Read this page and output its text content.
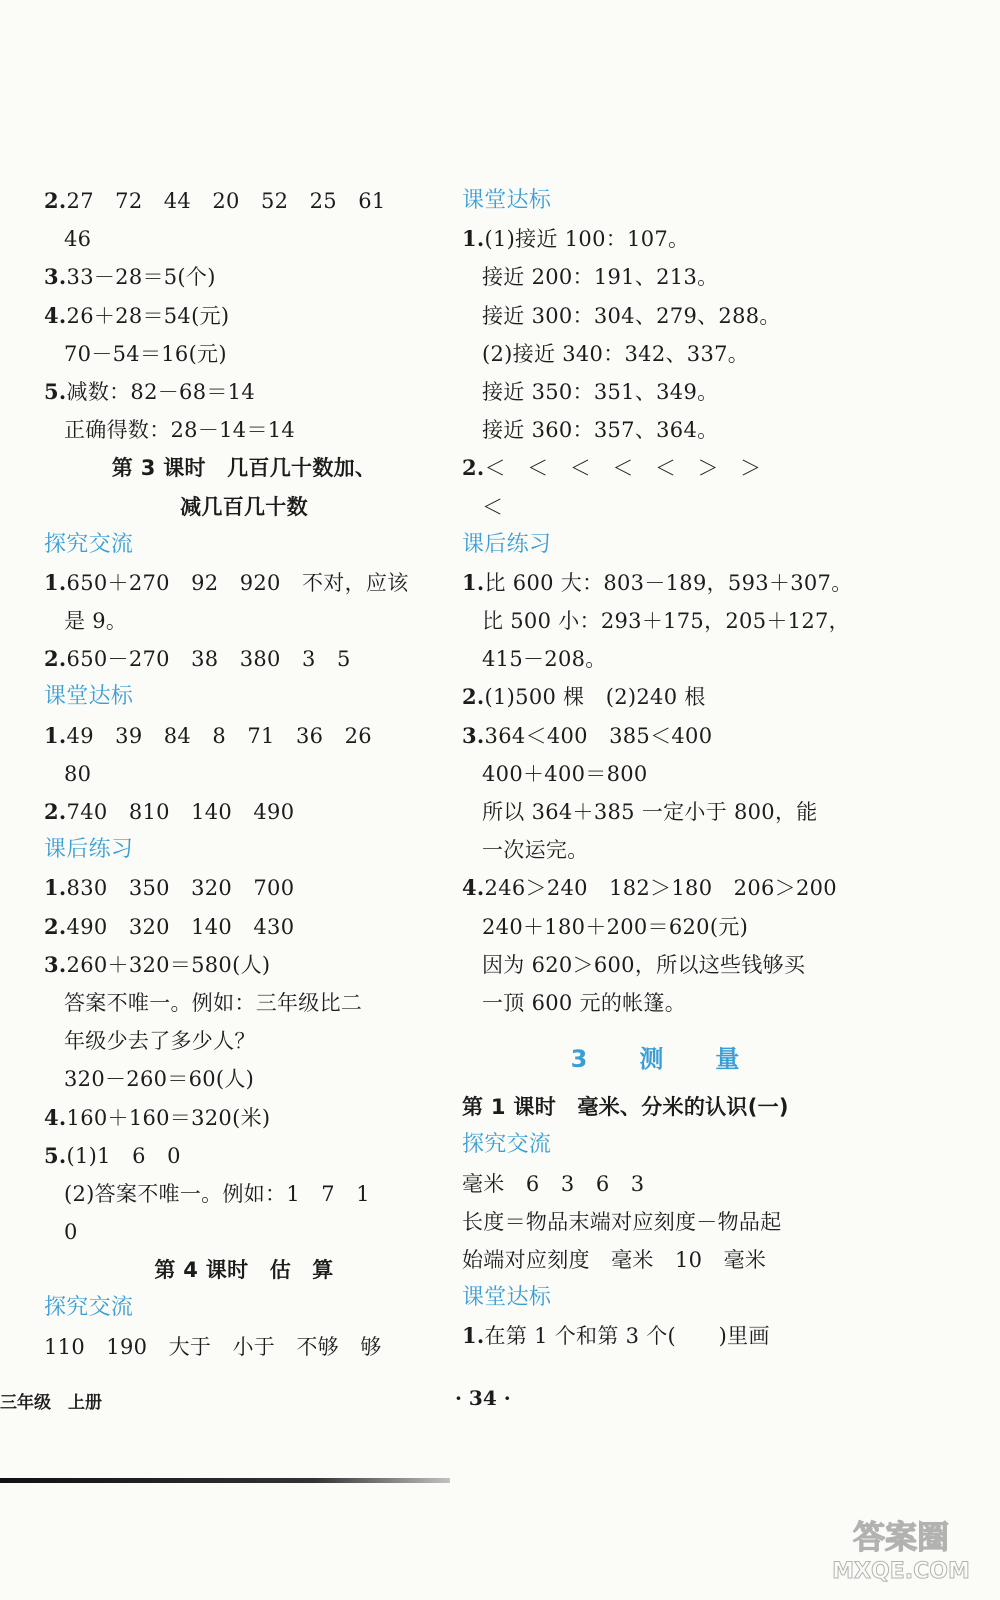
2.27　72　44　20　52　25　61
46
3.33－28＝5(个)
4.26＋28＝54(元)
70－54＝16(元)
5.减数：82－68＝14
正确得数：28－14＝14
第 3 课时　几百几十数加、
减几百几十数
探究交流
1.650＋270　92　920　不对，应该
是 9。
2.650－270　38　380　3　5
课堂达标
1.49　39　84　8　71　36　26
80
2.740　810　140　490
课后练习
1.830　350　320　700
2.490　320　140　430
3.260＋320＝580(人)
答案不唯一。例如：三年级比二
年级少去了多少人？
320－260＝60(人)
4.160＋160＝320(米)
5.(1)1　6　0
(2)答案不唯一。例如：1　7　1
0
第 4 课时　估　算
探究交流
110　190　大于　小于　不够　够
课堂达标
1.(1)接近 100：107。
接近 200：191、213。
接近 300：304、279、288。
(2)接近 340：342、337。
接近 350：351、349。
接近 360：357、364。
2.＜　＜　＜　＜　＜　＞　＞
＜
课后练习
1.比 600 大：803－189，593＋307。
比 500 小：293＋175，205＋127，
415－208。
2.(1)500 棵　(2)240 根
3.364＜400　385＜400
400＋400＝800
所以 364＋385 一定小于 800，能
一次运完。
4.246＞240　182＞180　206＞200
240＋180＋200＝620(元)
因为 620＞600，所以这些钱够买
一顶 600 元的帐篷。
3　测　量
第 1 课时　毫米、分米的认识(一)
探究交流
毫米　6　3　6　3
长度＝物品末端对应刻度－物品起
始端对应刻度　毫米　10　毫米
课堂达标
1.在第 1 个和第 3 个(　　)里画
三年级　上册	· 34 ·
答案圈
MXQE.COM
